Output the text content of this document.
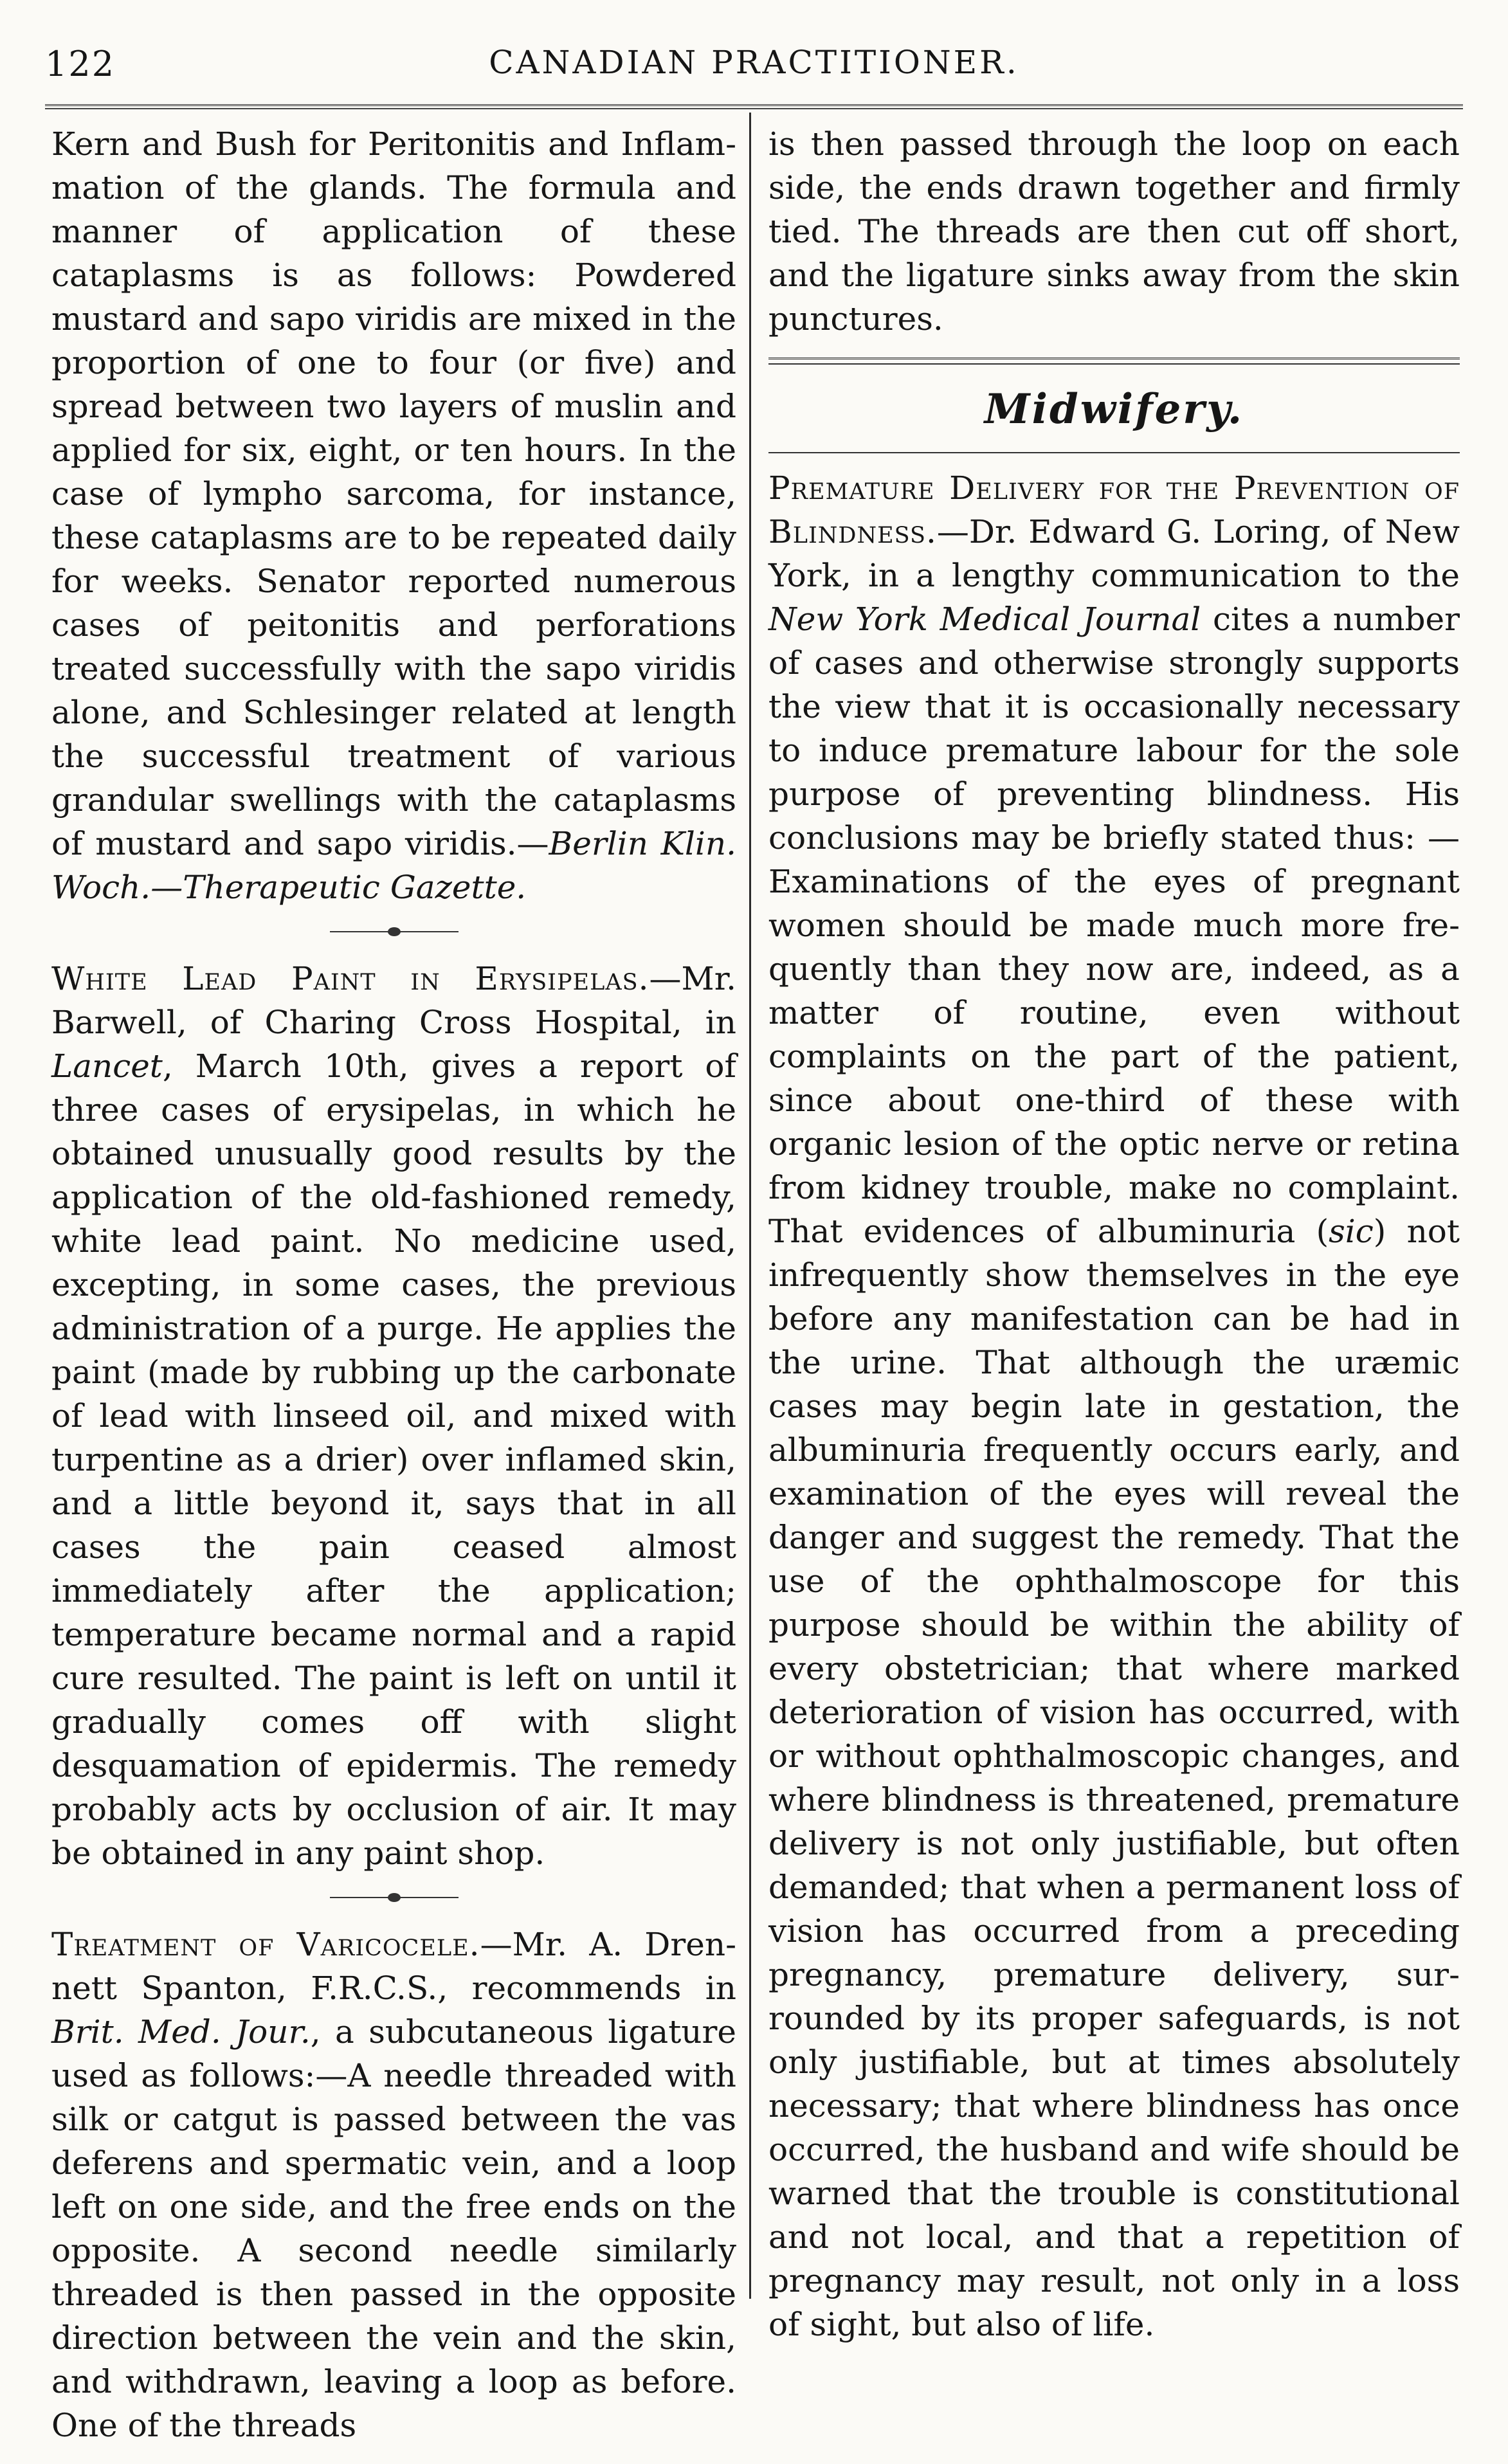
122	CANADIAN PRACTITIONER.

Kern and Bush for Peritonitis and Inflammation of the glands. The formula and manner of application of these cataplasms is as follows: Powdered mustard and sapo viridis are mixed in the proportion of one to four (or five) and spread between two layers of muslin and applied for six, eight, or ten hours. In the case of lympho sarcoma, for instance, these cataplasms are to be repeated daily for weeks. Senator reported numerous cases of peitonitis and perforations treated successfully with the sapo viridis alone, and Schlesinger related at length the successful treatment of various grandular swellings with the cataplasms of mustard and sapo viridis.—Berlin Klin. Woch.—Therapeutic Gazette.

White Lead Paint in Erysipelas.—Mr. Barwell, of Charing Cross Hospital, in Lancet, March 10th, gives a report of three cases of erysipelas, in which he obtained unusually good results by the application of the old-fashioned remedy, white lead paint. No medicine used, excepting, in some cases, the previous administration of a purge. He applies the paint (made by rubbing up the carbonate of lead with linseed oil, and mixed with turpentine as a drier) over inflamed skin, and a little beyond it, says that in all cases the pain ceased almost immediately after the application; temperature became normal and a rapid cure resulted. The paint is left on until it gradually comes off with slight desquamation of epidermis. The remedy probably acts by occlusion of air. It may be obtained in any paint shop.

Treatment of Varicocele.—Mr. A. Drennett Spanton, F.R.C.S., recommends in Brit. Med. Jour., a subcutaneous ligature used as follows:—A needle threaded with silk or catgut is passed between the vas deferens and spermatic vein, and a loop left on one side, and the free ends on the opposite. A second needle similarly threaded is then passed in the opposite direction between the vein and the skin, and withdrawn, leaving a loop as before. One of the threads

is then passed through the loop on each side, the ends drawn together and firmly tied. The threads are then cut off short, and the ligature sinks away from the skin punctures.

Midwifery.

Premature Delivery for the Prevention of Blindness.—Dr. Edward G. Loring, of New York, in a lengthy communication to the New York Medical Journal cites a number of cases and otherwise strongly supports the view that it is occasionally necessary to induce premature labour for the sole purpose of preventing blindness. His conclusions may be briefly stated thus: —Examinations of the eyes of pregnant women should be made much more frequently than they now are, indeed, as a matter of routine, even without complaints on the part of the patient, since about one-third of these with organic lesion of the optic nerve or retina from kidney trouble, make no complaint. That evidences of albuminuria (sic) not infrequently show themselves in the eye before any manifestation can be had in the urine. That although the uræmic cases may begin late in gestation, the albuminuria frequently occurs early, and examination of the eyes will reveal the danger and suggest the remedy. That the use of the ophthalmoscope for this purpose should be within the ability of every obstetrician; that where marked deterioration of vision has occurred, with or without ophthalmoscopic changes, and where blindness is threatened, premature delivery is not only justifiable, but often demanded; that when a permanent loss of vision has occurred from a preceding pregnancy, premature delivery, surrounded by its proper safeguards, is not only justifiable, but at times absolutely necessary; that where blindness has once occurred, the husband and wife should be warned that the trouble is constitutional and not local, and that a repetition of pregnancy may result, not only in a loss of sight, but also of life.
